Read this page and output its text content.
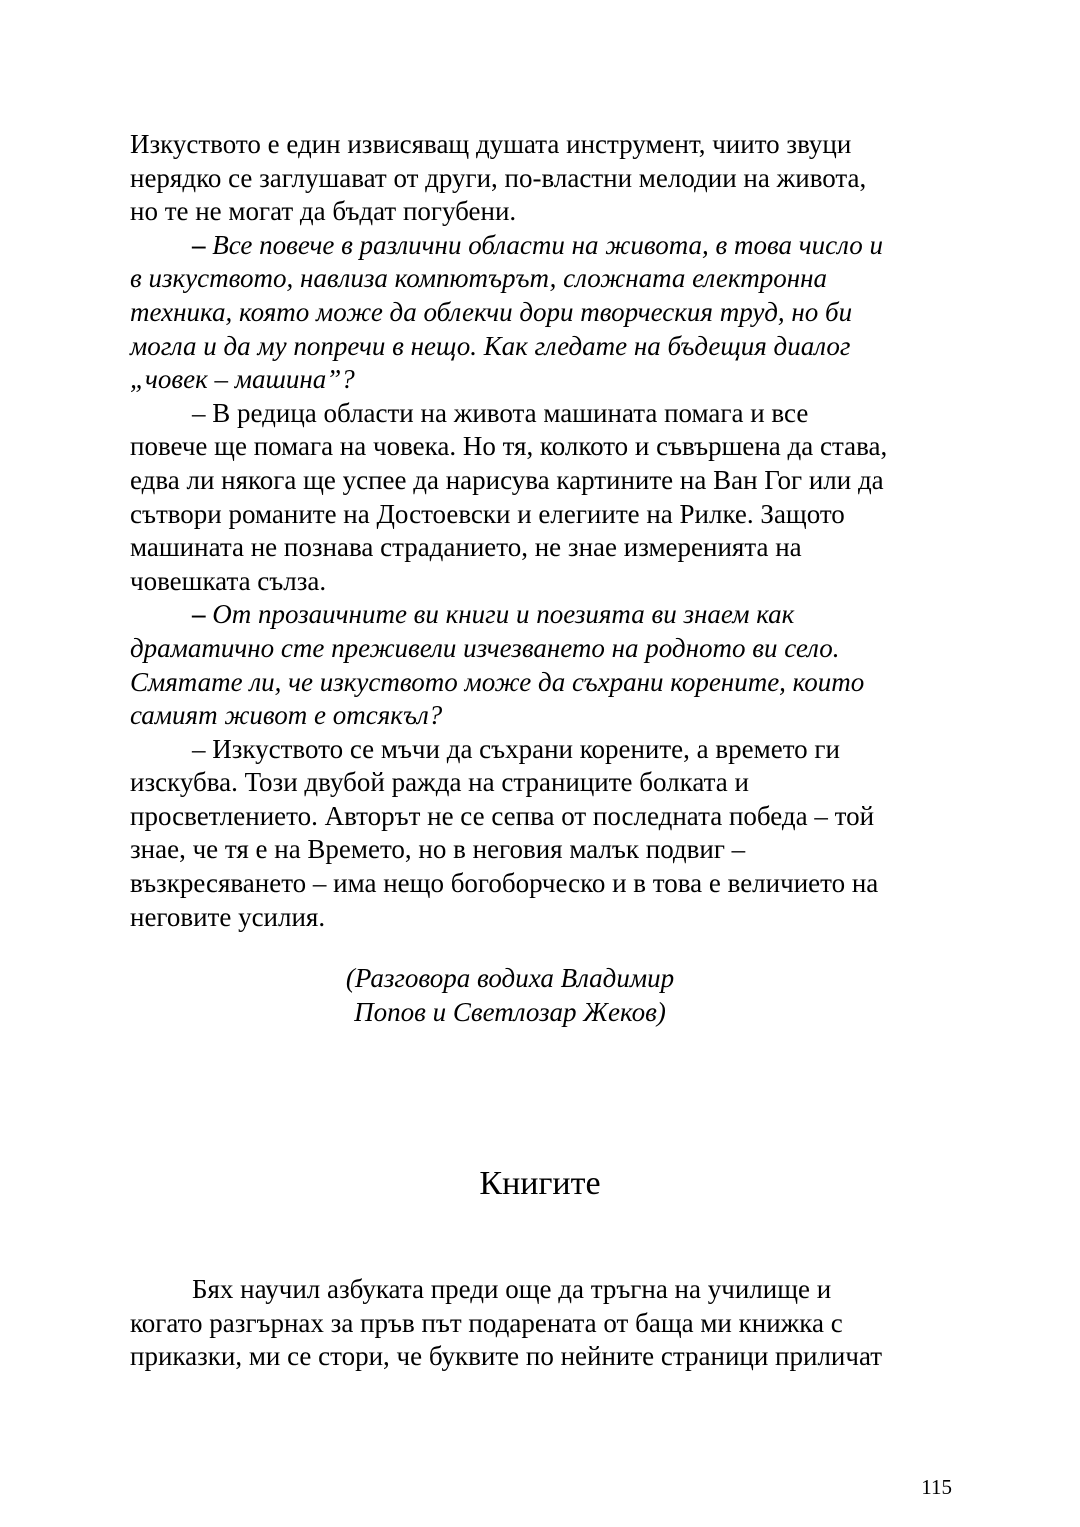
Изкуството е един извисяващ душата инструмент, чиито звуци
нерядко се заглушават от други, по-властни мелодии на живота,
но те не могат да бъдат погубени.
– Все повече в различни области на живота, в това число и
в изкуството, навлиза компютърът, сложната електронна
техника, която може да облекчи дори творческия труд, но би
могла и да му попречи в нещо. Как гледате на бъдещия диалог
„човек – машина”?
– В редица области на живота машината помага и все
повече ще помага на човека. Но тя, колкото и съвършена да става,
едва ли някога ще успее да нарисува картините на Ван Гог или да
сътвори романите на Достоевски и елегиите на Рилке. Защото
машината не познава страданието, не знае измеренията на
човешката сълза.
– От прозаичните ви книги и поезията ви знаем как
драматично сте преживели изчезването на родното ви село.
Смятате ли, че изкуството може да съхрани корените, които
самият живот е отсякъл?
– Изкуството се мъчи да съхрани корените, а времето ги
изскубва. Този двубой ражда на страниците болката и
просветлението. Авторът не се сепва от последната победа – той
знае, че тя е на Времето, но в неговия малък подвиг –
възкресяването – има нещо богоборческо и в това е величието на
неговите усилия.
(Разговора водиха Владимир
Попов и Светлозар Жеков)
Книгите
Бях научил азбуката преди още да тръгна на училище и
когато разгърнах за пръв път подарената от баща ми книжка с
приказки, ми се стори, че буквите по нейните страници приличат
115
